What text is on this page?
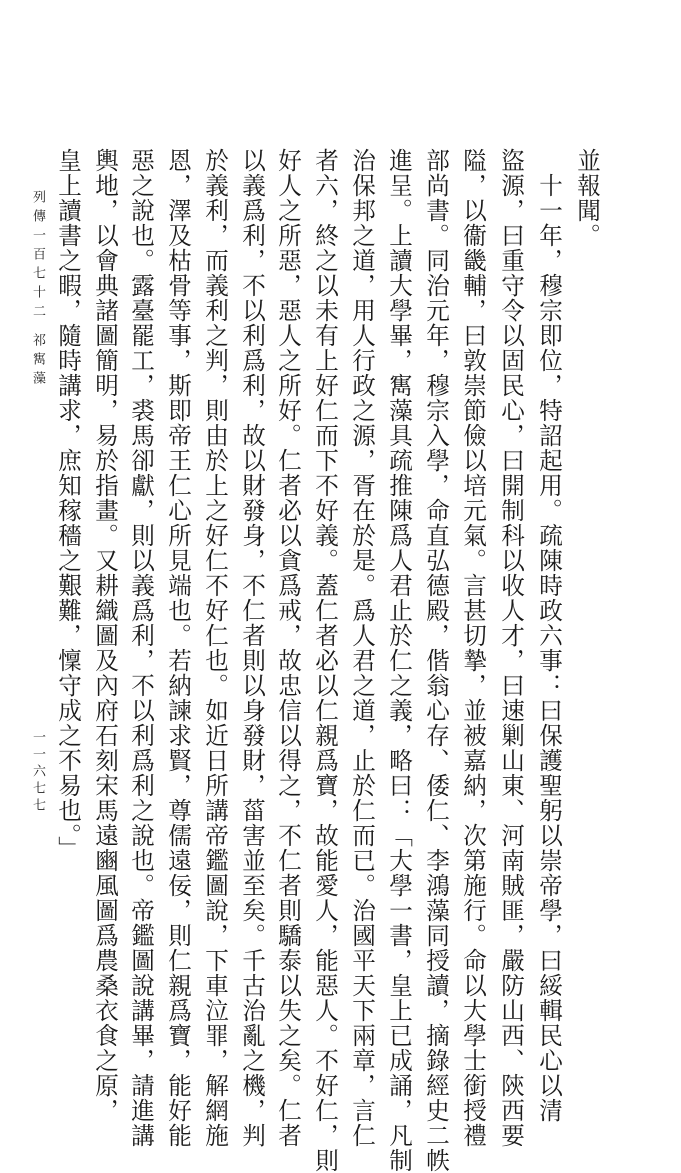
並報聞。
　十一年，穆宗即位，特詔起用。疏陳時政六事：曰保護聖躬以崇帝學，曰綏輯民心以清
盜源，曰重守令以固民心，曰開制科以收人才，曰速剿山東、河南賊匪，嚴防山西、陝西要
隘，以衞畿輔，曰敦崇節儉以培元氣。言甚切摯，並被嘉納，次第施行。命以大學士銜授禮
部尚書。同治元年，穆宗入學，命直弘德殿，偕翁心存、倭仁、李鴻藻同授讀，摘錄經史二帙
進呈。上讀大學畢，寯藻具疏推陳爲人君止於仁之義，略曰：「大學一書，皇上已成誦，凡制
治保邦之道，用人行政之源，胥在於是。爲人君之道，止於仁而已。治國平天下兩章，言仁
者六，終之以未有上好仁而下不好義。蓋仁者必以仁親爲寶，故能愛人，能惡人。不好仁，則
好人之所惡，惡人之所好。仁者必以貪爲戒，故忠信以得之，不仁者則驕泰以失之矣。仁者
以義爲利，不以利爲利，故以財發身，不仁者則以身發財，菑害並至矣。千古治亂之機，判
於義利，而義利之判，則由於上之好仁不好仁也。如近日所講帝鑑圖說，下車泣罪，解網施
恩，澤及枯骨等事，斯即帝王仁心所見端也。若納諫求賢，尊儒遠佞，則仁親爲寶，能好能
惡之說也。露臺罷工，裘馬卻獻，則以義爲利，不以利爲利之說也。帝鑑圖說講畢，請進講
輿地，以會典諸圖簡明，易於指畫。又耕織圖及內府石刻宋馬遠豳風圖爲農桑衣食之原，
皇上讀書之暇，隨時講求，庶知稼穡之艱難，懍守成之不易也。」
列傳一百七十二 祁寯藻
一一六七七
